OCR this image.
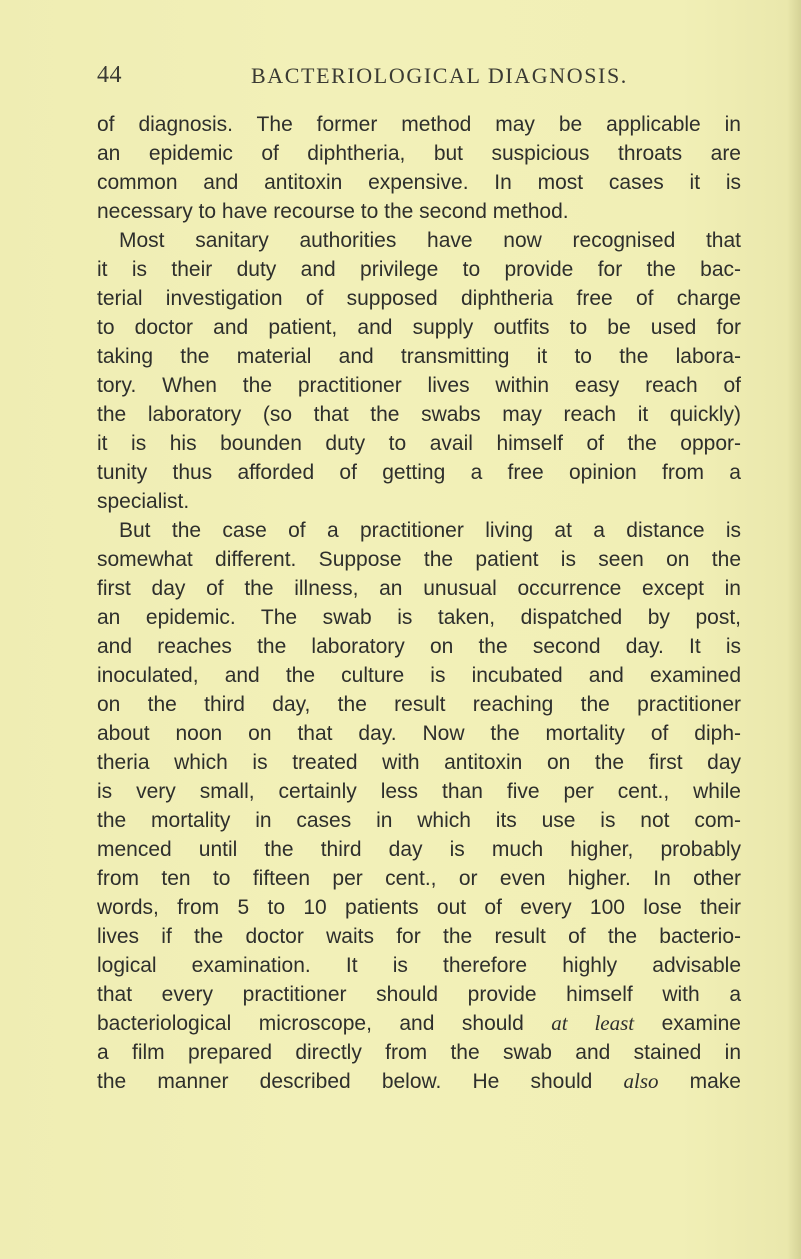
44	BACTERIOLOGICAL DIAGNOSIS.
of diagnosis. The former method may be applicable in
an epidemic of diphtheria, but suspicious throats are
common and antitoxin expensive. In most cases it is
necessary to have recourse to the second method.
Most sanitary authorities have now recognised that
it is their duty and privilege to provide for the bac-
terial investigation of supposed diphtheria free of charge
to doctor and patient, and supply outfits to be used for
taking the material and transmitting it to the labora-
tory. When the practitioner lives within easy reach of
the laboratory (so that the swabs may reach it quickly)
it is his bounden duty to avail himself of the oppor-
tunity thus afforded of getting a free opinion from a
specialist.
But the case of a practitioner living at a distance is
somewhat different. Suppose the patient is seen on the
first day of the illness, an unusual occurrence except in
an epidemic. The swab is taken, dispatched by post,
and reaches the laboratory on the second day. It is
inoculated, and the culture is incubated and examined
on the third day, the result reaching the practitioner
about noon on that day. Now the mortality of diph-
theria which is treated with antitoxin on the first day
is very small, certainly less than five per cent., while
the mortality in cases in which its use is not com-
menced until the third day is much higher, probably
from ten to fifteen per cent., or even higher. In other
words, from 5 to 10 patients out of every 100 lose their
lives if the doctor waits for the result of the bacterio-
logical examination. It is therefore highly advisable
that every practitioner should provide himself with a
bacteriological microscope, and should at least examine
a film prepared directly from the swab and stained in
the manner described below. He should also make
